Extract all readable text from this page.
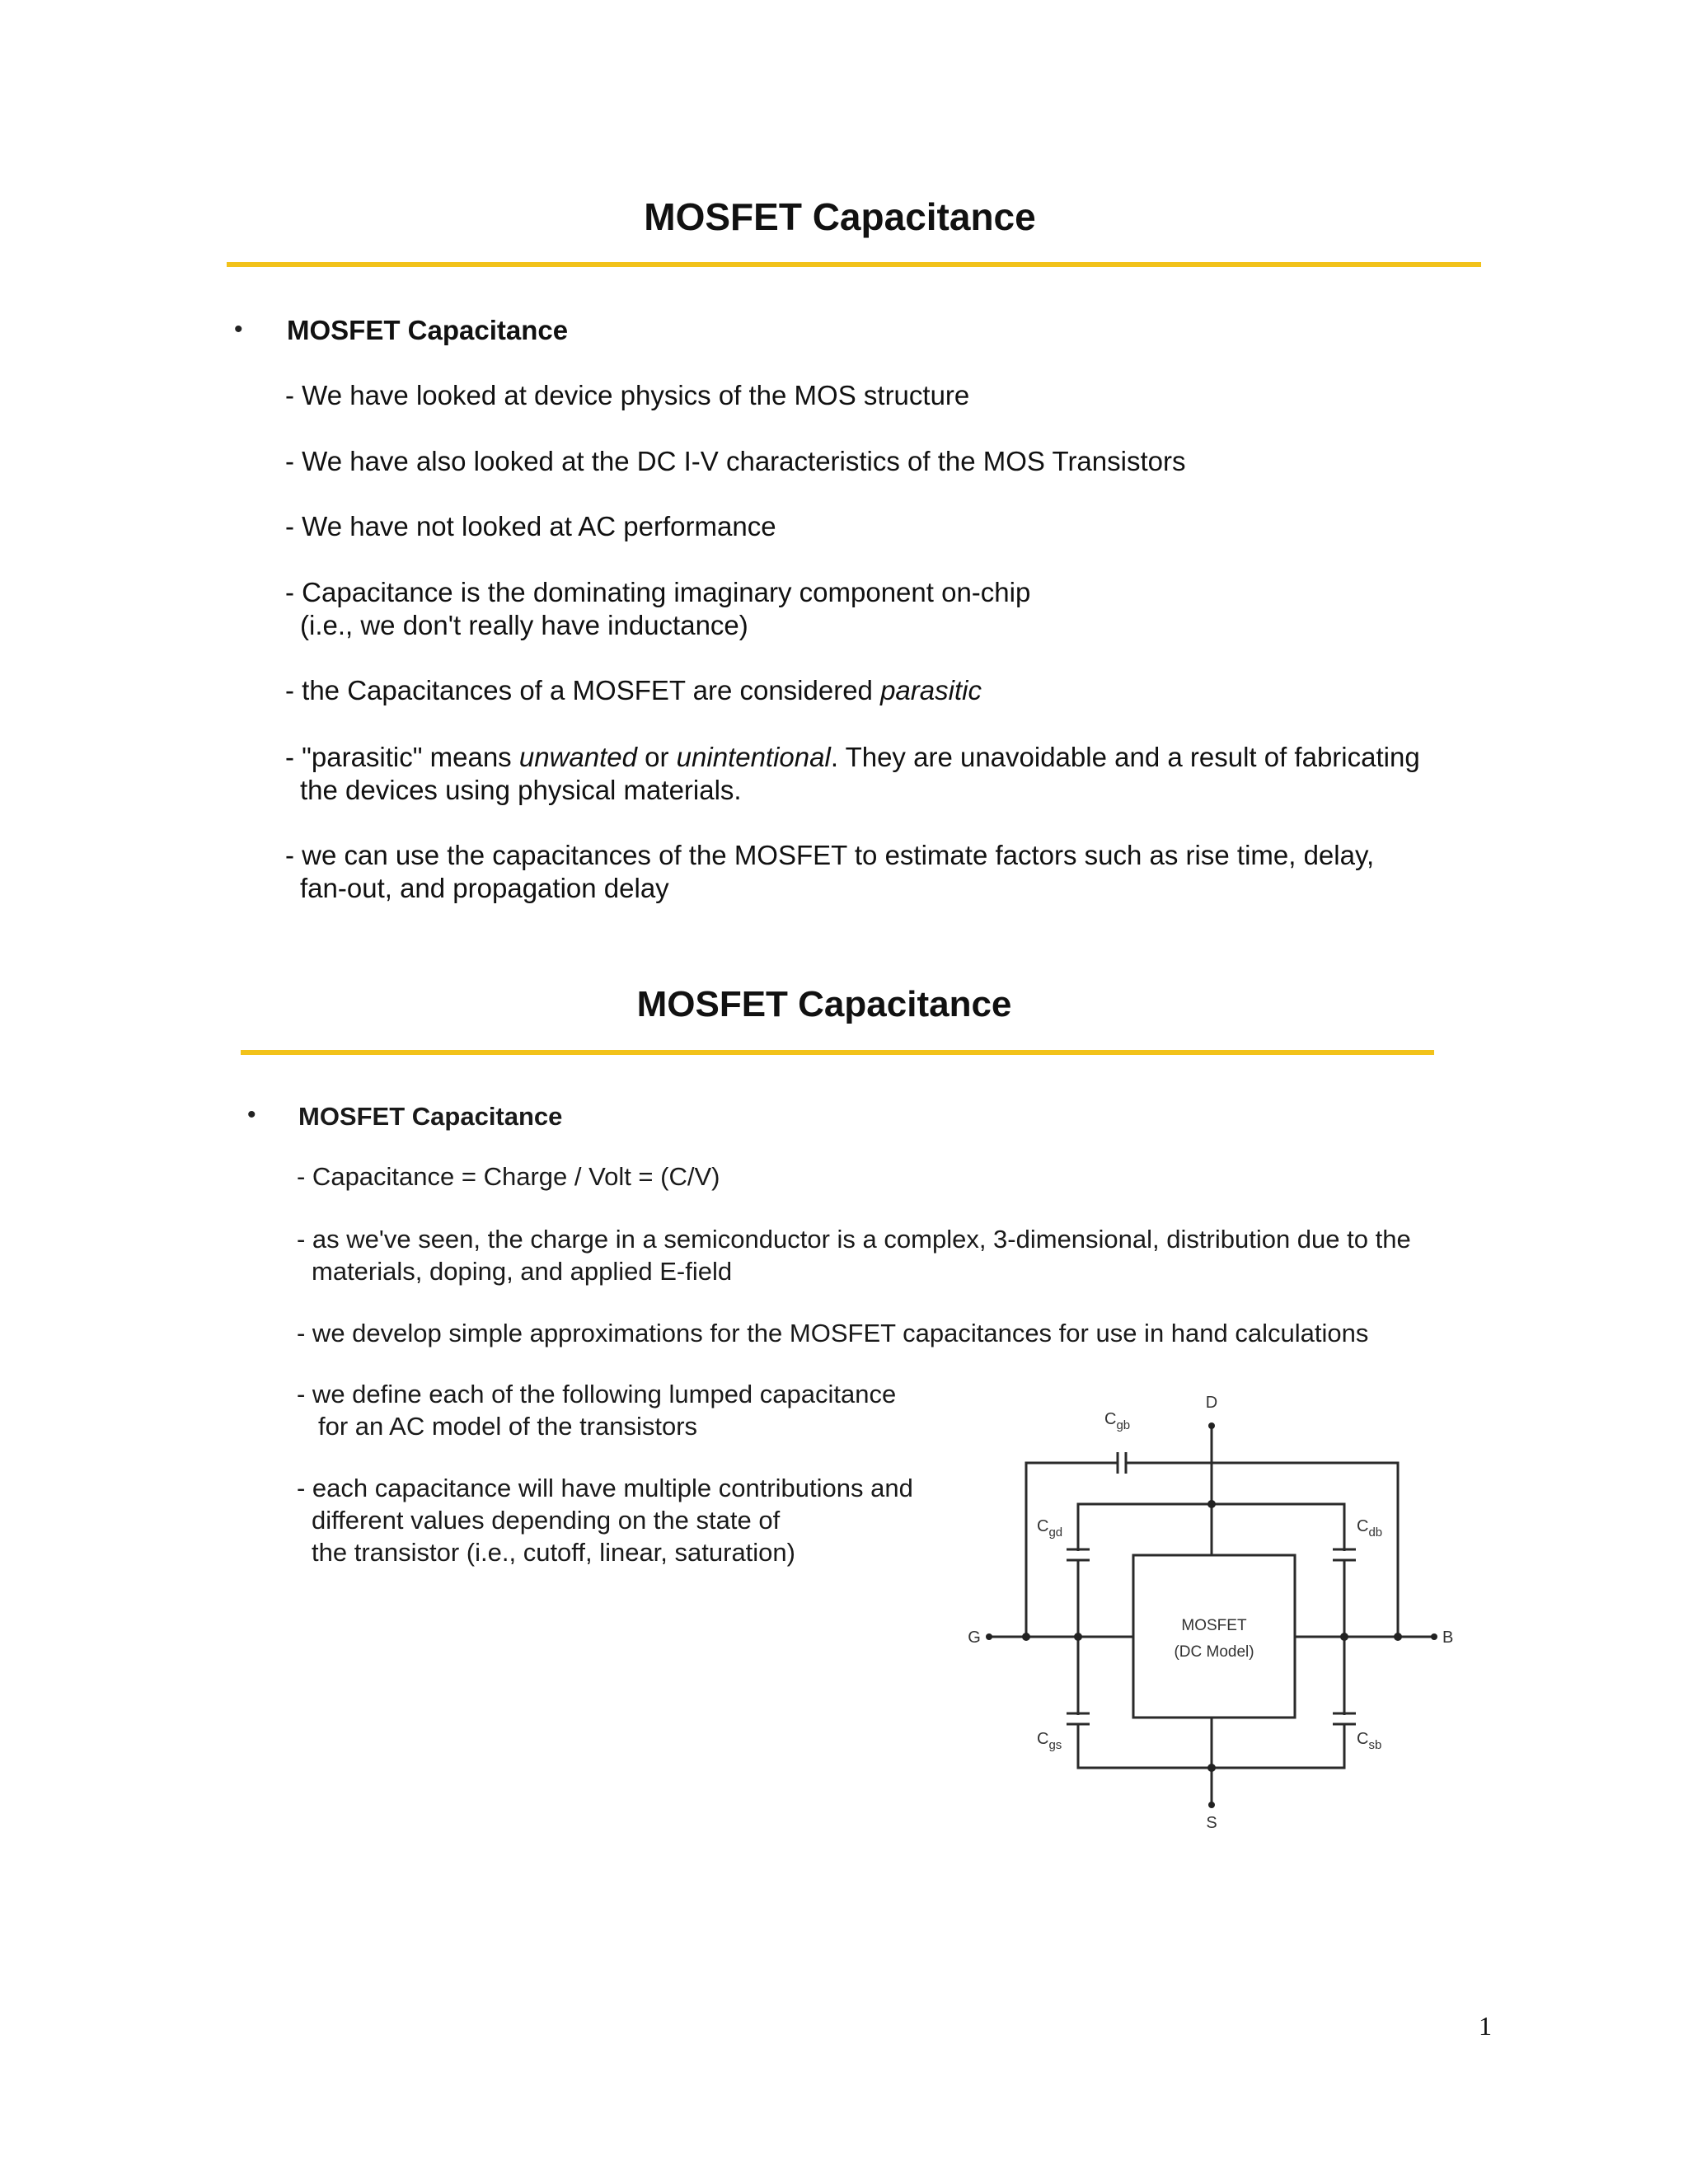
MOSFET Capacitance
• MOSFET Capacitance

- We have looked at device physics of the MOS structure

- We have also looked at the DC I-V characteristics of the MOS Transistors

- We have not looked at AC performance

- Capacitance is the dominating imaginary component on-chip
(i.e., we don't really have inductance)

- the Capacitances of a MOSFET are considered parasitic

- "parasitic" means unwanted or unintentional. They are unavoidable and a result of fabricating
the devices using physical materials.

- we can use the capacitances of the MOSFET to estimate factors such as rise time, delay,
fan-out, and propagation delay

MOSFET Capacitance
• MOSFET Capacitance

- Capacitance = Charge / Volt = (C/V)

- as we've seen, the charge in a semiconductor is a complex, 3-dimensional, distribution due to the
materials, doping, and applied E-field

- we develop simple approximations for the MOSFET capacitances for use in hand calculations

- we define each of the following lumped capacitance
for an AC model of the transistors

- each capacitance will have multiple contributions and
different values depending on the state of
the transistor (i.e., cutoff, linear, saturation)

D
G	B
S
$C_{gb}$
$C_{gd}$	$C_{db}$
$C_{gs}$	$C_{sb}$
MOSFET
(DC Model)
1
